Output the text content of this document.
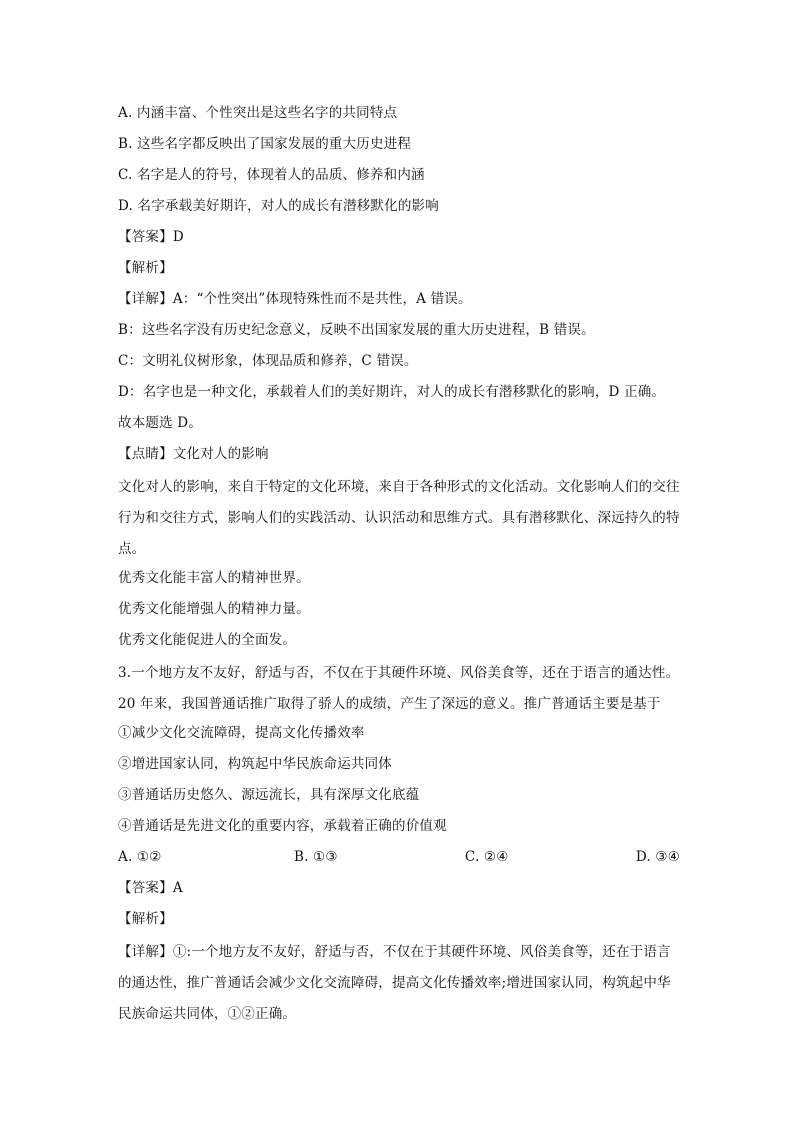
A. 内涵丰富、个性突出是这些名字的共同特点
B. 这些名字都反映出了国家发展的重大历史进程
C. 名字是人的符号，体现着人的品质、修养和内涵
D. 名字承载美好期许，对人的成长有潜移默化的影响
【答案】D
【解析】
【详解】A：“个性突出”体现特殊性而不是共性，A 错误。
B：这些名字没有历史纪念意义，反映不出国家发展的重大历史进程，B 错误。
C：文明礼仪树形象，体现品质和修养，C 错误。
D：名字也是一种文化，承载着人们的美好期许，对人的成长有潜移默化的影响，D 正确。
故本题选 D。
【点睛】文化对人的影响
文化对人的影响，来自于特定的文化环境，来自于各种形式的文化活动。文化影响人们的交往行为和交往方式，影响人们的实践活动、认识活动和思维方式。具有潜移默化、深远持久的特点。
优秀文化能丰富人的精神世界。
优秀文化能增强人的精神力量。
优秀文化能促进人的全面发。
3.一个地方友不友好，舒适与否，不仅在于其硬件环境、风俗美食等，还在于语言的通达性。20 年来，我国普通话推广取得了骄人的成绩，产生了深远的意义。推广普通话主要是基于
①减少文化交流障碍，提高文化传播效率
②增进国家认同，构筑起中华民族命运共同体
③普通话历史悠久、源远流长，具有深厚文化底蕴
④普通话是先进文化的重要内容，承载着正确的价值观
A. ①②	B. ①③	C. ②④	D. ③④
【答案】A
【解析】
【详解】①:一个地方友不友好，舒适与否，不仅在于其硬件环境、风俗美食等，还在于语言的通达性，推广普通话会减少文化交流障碍，提高文化传播效率;增进国家认同，构筑起中华民族命运共同体，①②正确。
